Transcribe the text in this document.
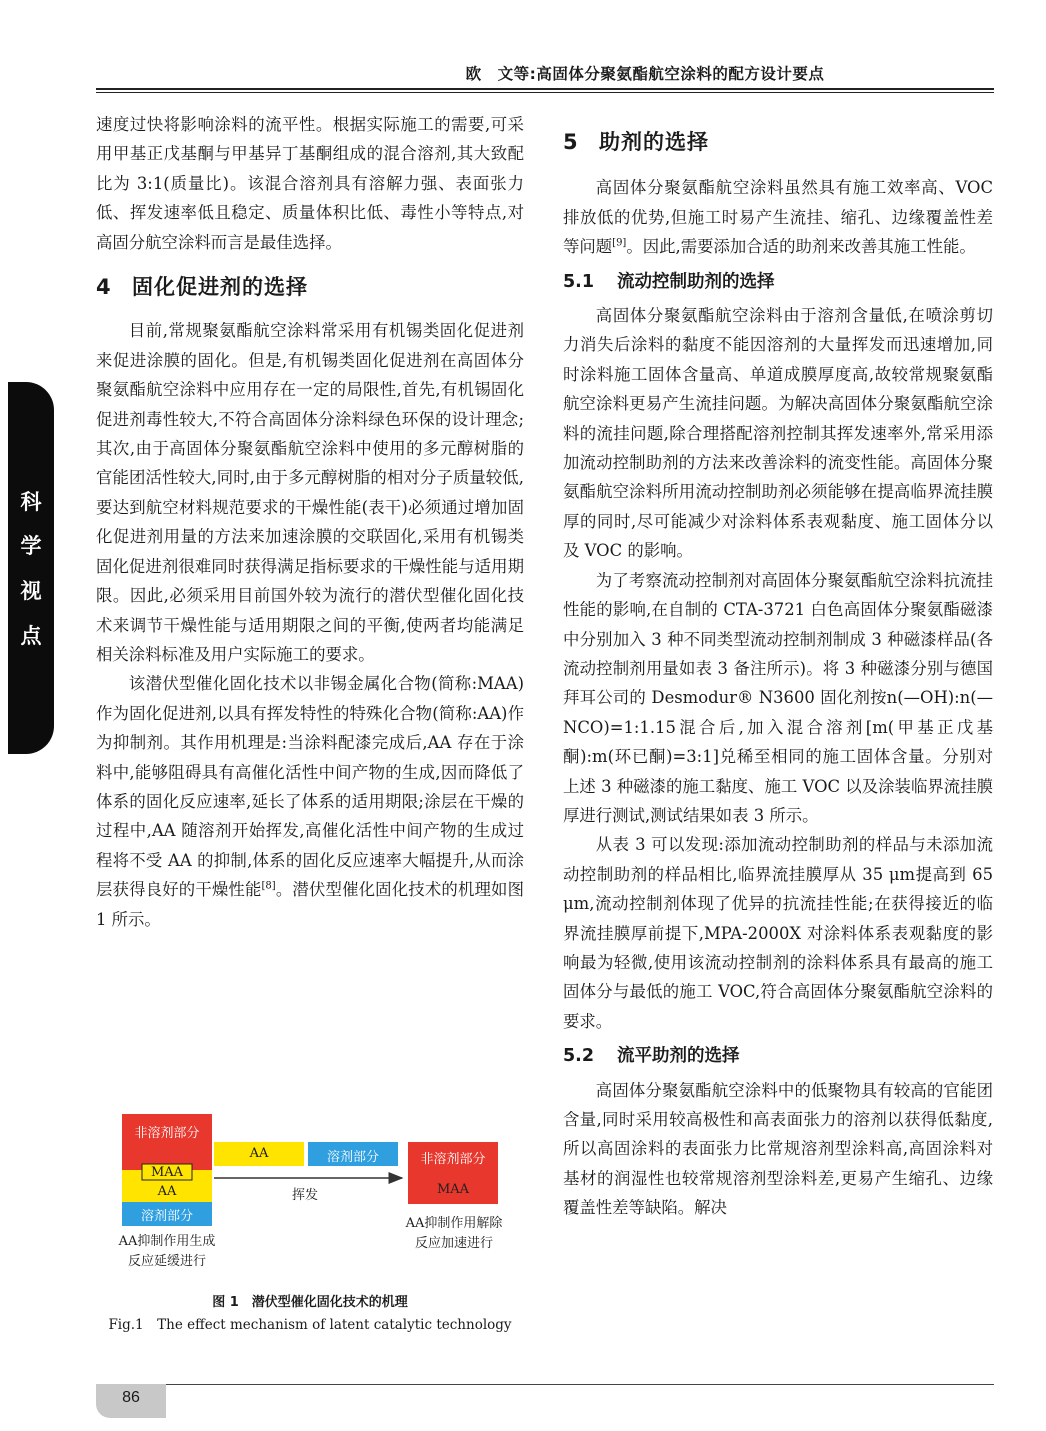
欧　文等:高固体分聚氨酯航空涂料的配方设计要点
科
学
视
点

速度过快将影响涂料的流平性。根据实际施工的需要,可采用甲基正戊基酮与甲基异丁基酮组成的混合溶剂,其大致配比为 3:1(质量比)。该混合溶剂具有溶解力强、表面张力低、挥发速率低且稳定、质量体积比低、毒性小等特点,对高固分航空涂料而言是最佳选择。

4 固化促进剂的选择

目前,常规聚氨酯航空涂料常采用有机锡类固化促进剂来促进涂膜的固化。但是,有机锡类固化促进剂在高固体分聚氨酯航空涂料中应用存在一定的局限性,首先,有机锡固化促进剂毒性较大,不符合高固体分涂料绿色环保的设计理念;其次,由于高固体分聚氨酯航空涂料中使用的多元醇树脂的官能团活性较大,同时,由于多元醇树脂的相对分子质量较低,要达到航空材料规范要求的干燥性能(表干)必须通过增加固化促进剂用量的方法来加速涂膜的交联固化,采用有机锡类固化促进剂很难同时获得满足指标要求的干燥性能与适用期限。因此,必须采用目前国外较为流行的潜伏型催化固化技术来调节干燥性能与适用期限之间的平衡,使两者均能满足相关涂料标准及用户实际施工的要求。

该潜伏型催化固化技术以非锡金属化合物(简称:MAA)作为固化促进剂,以具有挥发特性的特殊化合物(简称:AA)作为抑制剂。其作用机理是:当涂料配漆完成后,AA 存在于涂料中,能够阻碍具有高催化活性中间产物的生成,因而降低了体系的固化反应速率,延长了体系的适用期限;涂层在干燥的过程中,AA 随溶剂开始挥发,高催化活性中间产物的生成过程将不受 AA 的抑制,体系的固化反应速率大幅提升,从而涂层获得良好的干燥性能[8]。潜伏型催化固化技术的机理如图 1 所示。

非溶剂部分
MAA
AA
溶剂部分
AA抑制作用生成
反应延缓进行
AA	溶剂部分
挥发
非溶剂部分
MAA
AA抑制作用解除
反应加速进行
图 1　潜伏型催化固化技术的机理
Fig.1　The effect mechanism of latent catalytic technology
5 助剂的选择

高固体分聚氨酯航空涂料虽然具有施工效率高、VOC 排放低的优势,但施工时易产生流挂、缩孔、边缘覆盖性差等问题[9]。因此,需要添加合适的助剂来改善其施工性能。

5.1 流动控制助剂的选择

高固体分聚氨酯航空涂料由于溶剂含量低,在喷涂剪切力消失后涂料的黏度不能因溶剂的大量挥发而迅速增加,同时涂料施工固体含量高、单道成膜厚度高,故较常规聚氨酯航空涂料更易产生流挂问题。为解决高固体分聚氨酯航空涂料的流挂问题,除合理搭配溶剂控制其挥发速率外,常采用添加流动控制助剂的方法来改善涂料的流变性能。高固体分聚氨酯航空涂料所用流动控制助剂必须能够在提高临界流挂膜厚的同时,尽可能减少对涂料体系表观黏度、施工固体分以及 VOC 的影响。

为了考察流动控制剂对高固体分聚氨酯航空涂料抗流挂性能的影响,在自制的 CTA-3721 白色高固体分聚氨酯磁漆中分别加入 3 种不同类型流动控制剂制成 3 种磁漆样品(各流动控制剂用量如表 3 备注所示)。将 3 种磁漆分别与德国拜耳公司的 Desmodur® N3600 固化剂按n(—OH):n(—NCO)=1:1.15混合后,加入混合溶剂[m(甲基正戊基酮):m(环已酮)=3:1]兑稀至相同的施工固体含量。分别对上述 3 种磁漆的施工黏度、施工 VOC 以及涂装临界流挂膜厚进行测试,测试结果如表 3 所示。

从表 3 可以发现:添加流动控制助剂的样品与未添加流动控制助剂的样品相比,临界流挂膜厚从 35 μm提高到 65 μm,流动控制剂体现了优异的抗流挂性能;在获得接近的临界流挂膜厚前提下,MPA-2000X 对涂料体系表观黏度的影响最为轻微,使用该流动控制剂的涂料体系具有最高的施工固体分与最低的施工 VOC,符合高固体分聚氨酯航空涂料的要求。

5.2 流平助剂的选择

高固体分聚氨酯航空涂料中的低聚物具有较高的官能团含量,同时采用较高极性和高表面张力的溶剂以获得低黏度,所以高固涂料的表面张力比常规溶剂型涂料高,高固涂料对基材的润湿性也较常规溶剂型涂料差,更易产生缩孔、边缘覆盖性差等缺陷。解决

86
